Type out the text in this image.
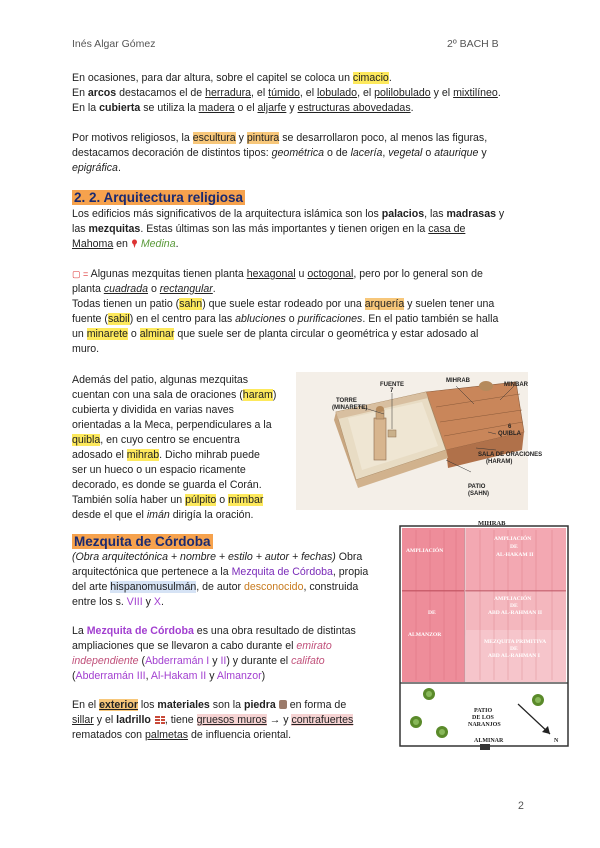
Inés Algar Gómez	2º BACH B

En ocasiones, para dar altura, sobre el capitel se coloca un cimacio.

En arcos destacamos el de herradura, el túmido, el lobulado, el polilobulado y el mixtilíneo.

En la cubierta se utiliza la madera o el aljarfe y estructuras abovedadas.

Por motivos religiosos, la escultura y pintura se desarrollaron poco, al menos las figuras,

destacamos decoración de distintos tipos: geométrica o de lacería, vegetal o ataurique y

epigráfica.

2. 2. Arquitectura religiosa

Los edificios más significativos de la arquitectura islámica son los palacios, las madrasas y

las mezquitas. Estas últimas son las más importantes y tienen origen en la casa de

Mahoma en  Medina.

▢ = Algunas mezquitas tienen planta hexagonal u octogonal, pero por lo general son de

planta cuadrada o rectangular.

Todas tienen un patio (sahn) que suele estar rodeado por una arquería y suelen tener una

fuente (sabil) en el centro para las abluciones o purificaciones. En el patio también se halla

un minarete o alminar que suele ser de planta circular o geométrica y estar adosado al

muro.

Además del patio, algunas mezquitas

cuentan con una sala de oraciones (haram)

cubierta y dividida en varias naves

orientadas a la Meca, perpendiculares a la

quibla, en cuyo centro se encuentra

adosado el mihrab. Dicho mihrab puede

ser un hueco o un espacio ricamente

decorado, es donde se guarda el Corán.

También solía haber un púlpito o mimbar

desde el que el imán dirigía la oración.

FUENTE
7
MIHRAB
MINBAR
TORRE
(MINARETE)
6
QUIBLA
SALA DE ORACIONES
(HARAM)
PATIO
(SAHN)
Mezquita de Córdoba

(Obra arquitectónica + nombre + estilo + autor + fechas) Obra

arquitectónica que pertenece a la Mezquita de Córdoba, propia

del arte hispanomusulmán, de autor desconocido, construida

entre los s. VIII y X.

La Mezquita de Córdoba es una obra resultado de distintas

ampliaciones que se llevaron a cabo durante el emirato

independiente (Abderramán I y II) y durante el califato

(Abderramán III, Al-Hakam II y Almanzor)

En el exterior los materiales son la piedra  en forma de

sillar y el ladrillo , tiene gruesos muros → y contrafuertes

rematados con palmetas de influencia oriental.

MIHRAB
AMPLIACIÓN
AMPLIACIÓN
DE
AL-HAKAM II
AMPLIACIÓN
DE
ABD AL-RAHMAN II
DE
ALMANZOR
MEZQUITA PRIMITIVA
DE
ABD AL-RAHMAN I
PATIO
DE LOS
NARANJOS
ALMINAR	N
2
